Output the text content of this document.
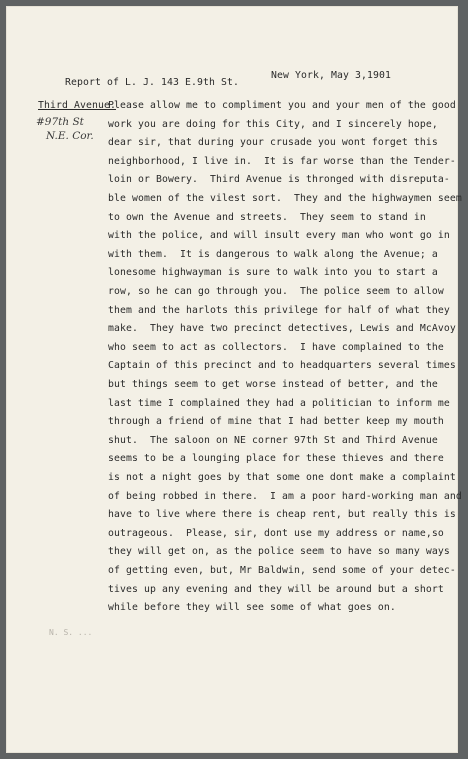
New York, May 3,1901
Report of L. J. 143 E.9th St.
Third Avenue.
#97th St
N.E. Cor.
Please allow me to compliment you and your men of the good
work you are doing for this City, and I sincerely hope,
dear sir, that during your crusade you wont forget this
neighborhood, I live in.  It is far worse than the Tender-
loin or Bowery.  Third Avenue is thronged with disreputa-
ble women of the vilest sort.  They and the highwaymen seem
to own the Avenue and streets.  They seem to stand in
with the police, and will insult every man who wont go in
with them.  It is dangerous to walk along the Avenue; a
lonesome highwayman is sure to walk into you to start a
row, so he can go through you.  The police seem to allow
them and the harlots this privilege for half of what they
make.  They have two precinct detectives, Lewis and McAvoy
who seem to act as collectors.  I have complained to the
Captain of this precinct and to headquarters several times
but things seem to get worse instead of better, and the
last time I complained they had a politician to inform me
through a friend of mine that I had better keep my mouth
shut.  The saloon on NE corner 97th St and Third Avenue
seems to be a lounging place for these thieves and there
is not a night goes by that some one dont make a complaint
of being robbed in there.  I am a poor hard-working man and
have to live where there is cheap rent, but really this is
outrageous.  Please, sir, dont use my address or name,so
they will get on, as the police seem to have so many ways
of getting even, but, Mr Baldwin, send some of your detec-
tives up any evening and they will be around but a short
while before they will see some of what goes on.
N. S. ...
